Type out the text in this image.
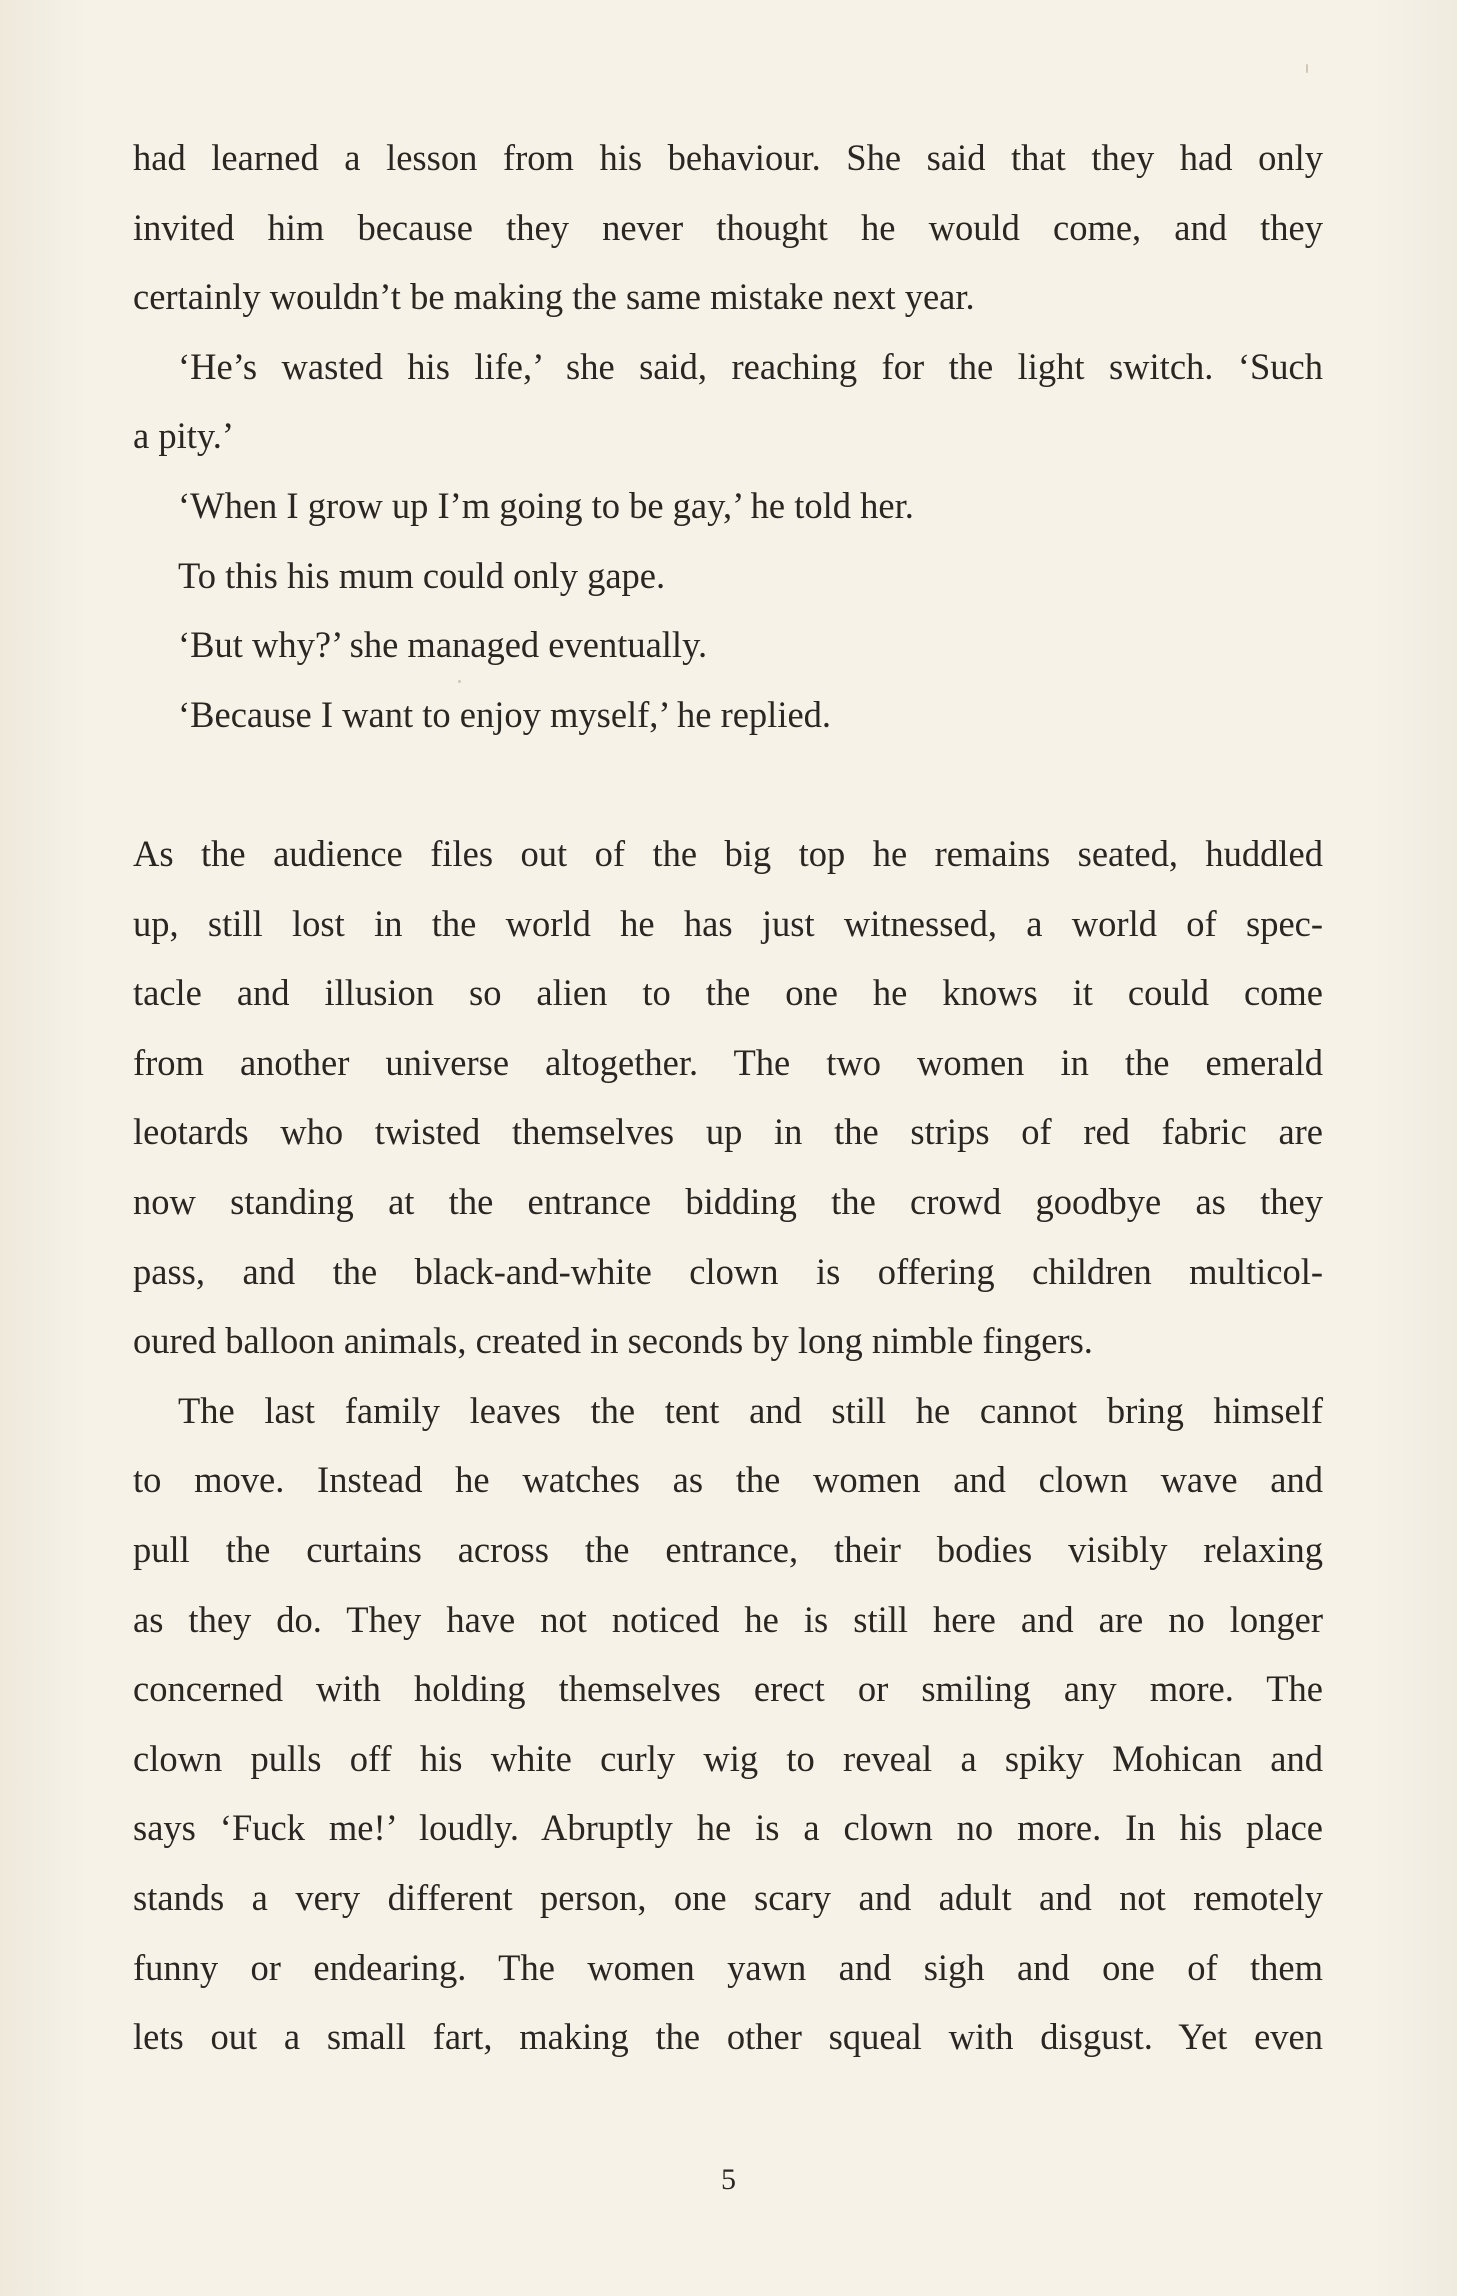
had learned a lesson from his behaviour. She said that they had only
invited him because they never thought he would come, and they
certainly wouldn’t be making the same mistake next year.

‘He’s wasted his life,’ she said, reaching for the light switch. ‘Such
a pity.’

‘When I grow up I’m going to be gay,’ he told her.

To this his mum could only gape.

‘But why?’ she managed eventually.

‘Because I want to enjoy myself,’ he replied.

As the audience files out of the big top he remains seated, huddled
up, still lost in the world he has just witnessed, a world of spec-
tacle and illusion so alien to the one he knows it could come
from another universe altogether. The two women in the emerald
leotards who twisted themselves up in the strips of red fabric are
now standing at the entrance bidding the crowd goodbye as they
pass, and the black-and-white clown is offering children multicol-
oured balloon animals, created in seconds by long nimble fingers.

The last family leaves the tent and still he cannot bring himself
to move. Instead he watches as the women and clown wave and
pull the curtains across the entrance, their bodies visibly relaxing
as they do. They have not noticed he is still here and are no longer
concerned with holding themselves erect or smiling any more. The
clown pulls off his white curly wig to reveal a spiky Mohican and
says ‘Fuck me!’ loudly. Abruptly he is a clown no more. In his place
stands a very different person, one scary and adult and not remotely
funny or endearing. The women yawn and sigh and one of them
lets out a small fart, making the other squeal with disgust. Yet even

5
